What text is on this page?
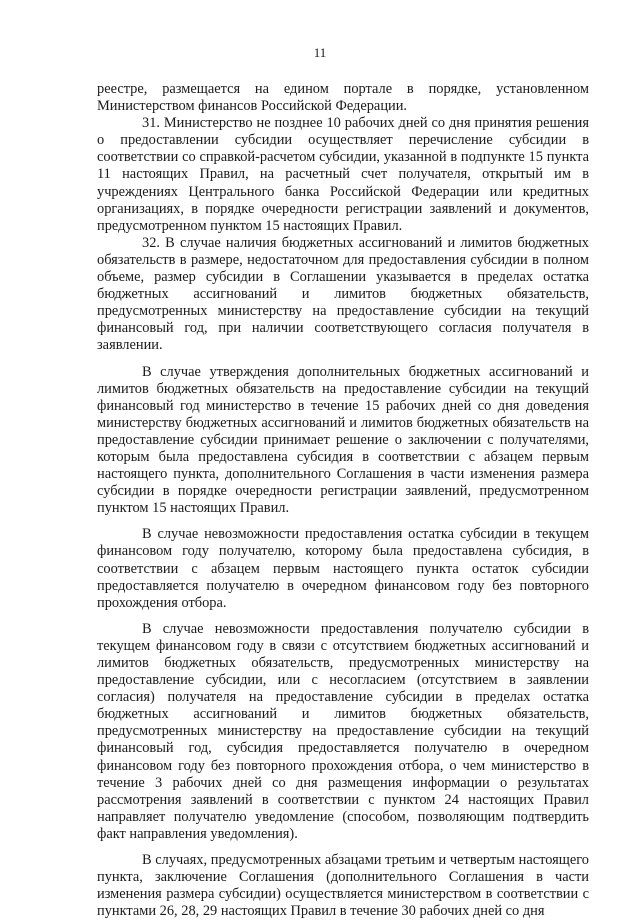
11

реестре, размещается на едином портале в порядке, установленном Министерством финансов Российской Федерации.

31. Министерство не позднее 10 рабочих дней со дня принятия решения о предоставлении субсидии осуществляет перечисление субсидии в соответствии со справкой-расчетом субсидии, указанной в подпункте 15 пункта 11 настоящих Правил, на расчетный счет получателя, открытый им в учреждениях Центрального банка Российской Федерации или кредитных организациях, в порядке очередности регистрации заявлений и документов, предусмотренном пунктом 15 настоящих Правил.

32. В случае наличия бюджетных ассигнований и лимитов бюджетных обязательств в размере, недостаточном для предоставления субсидии в полном объеме, размер субсидии в Соглашении указывается в пределах остатка бюджетных ассигнований и лимитов бюджетных обязательств, предусмотренных министерству на предоставление субсидии на текущий финансовый год, при наличии соответствующего согласия получателя в заявлении.

В случае утверждения дополнительных бюджетных ассигнований и лимитов бюджетных обязательств на предоставление субсидии на текущий финансовый год министерство в течение 15 рабочих дней со дня доведения министерству бюджетных ассигнований и лимитов бюджетных обязательств на предоставление субсидии принимает решение о заключении с получателями, которым была предоставлена субсидия в соответствии с абзацем первым настоящего пункта, дополнительного Соглашения в части изменения размера субсидии в порядке очередности регистрации заявлений, предусмотренном пунктом 15 настоящих Правил.

В случае невозможности предоставления остатка субсидии в текущем финансовом году получателю, которому была предоставлена субсидия, в соответствии с абзацем первым настоящего пункта остаток субсидии предоставляется получателю в очередном финансовом году без повторного прохождения отбора.

В случае невозможности предоставления получателю субсидии в текущем финансовом году в связи с отсутствием бюджетных ассигнований и лимитов бюджетных обязательств, предусмотренных министерству на предоставление субсидии, или с несогласием (отсутствием в заявлении согласия) получателя на предоставление субсидии в пределах остатка бюджетных ассигнований и лимитов бюджетных обязательств, предусмотренных министерству на предоставление субсидии на текущий финансовый год, субсидия предоставляется получателю в очередном финансовом году без повторного прохождения отбора, о чем министерство в течение 3 рабочих дней со дня размещения информации о результатах рассмотрения заявлений в соответствии с пунктом 24 настоящих Правил направляет получателю уведомление (способом, позволяющим подтвердить факт направления уведомления).

В случаях, предусмотренных абзацами третьим и четвертым настоящего пункта, заключение Соглашения (дополнительного Соглашения в части изменения размера субсидии) осуществляется министерством в соответствии с пунктами 26, 28, 29 настоящих Правил в течение 30 рабочих дней со дня
